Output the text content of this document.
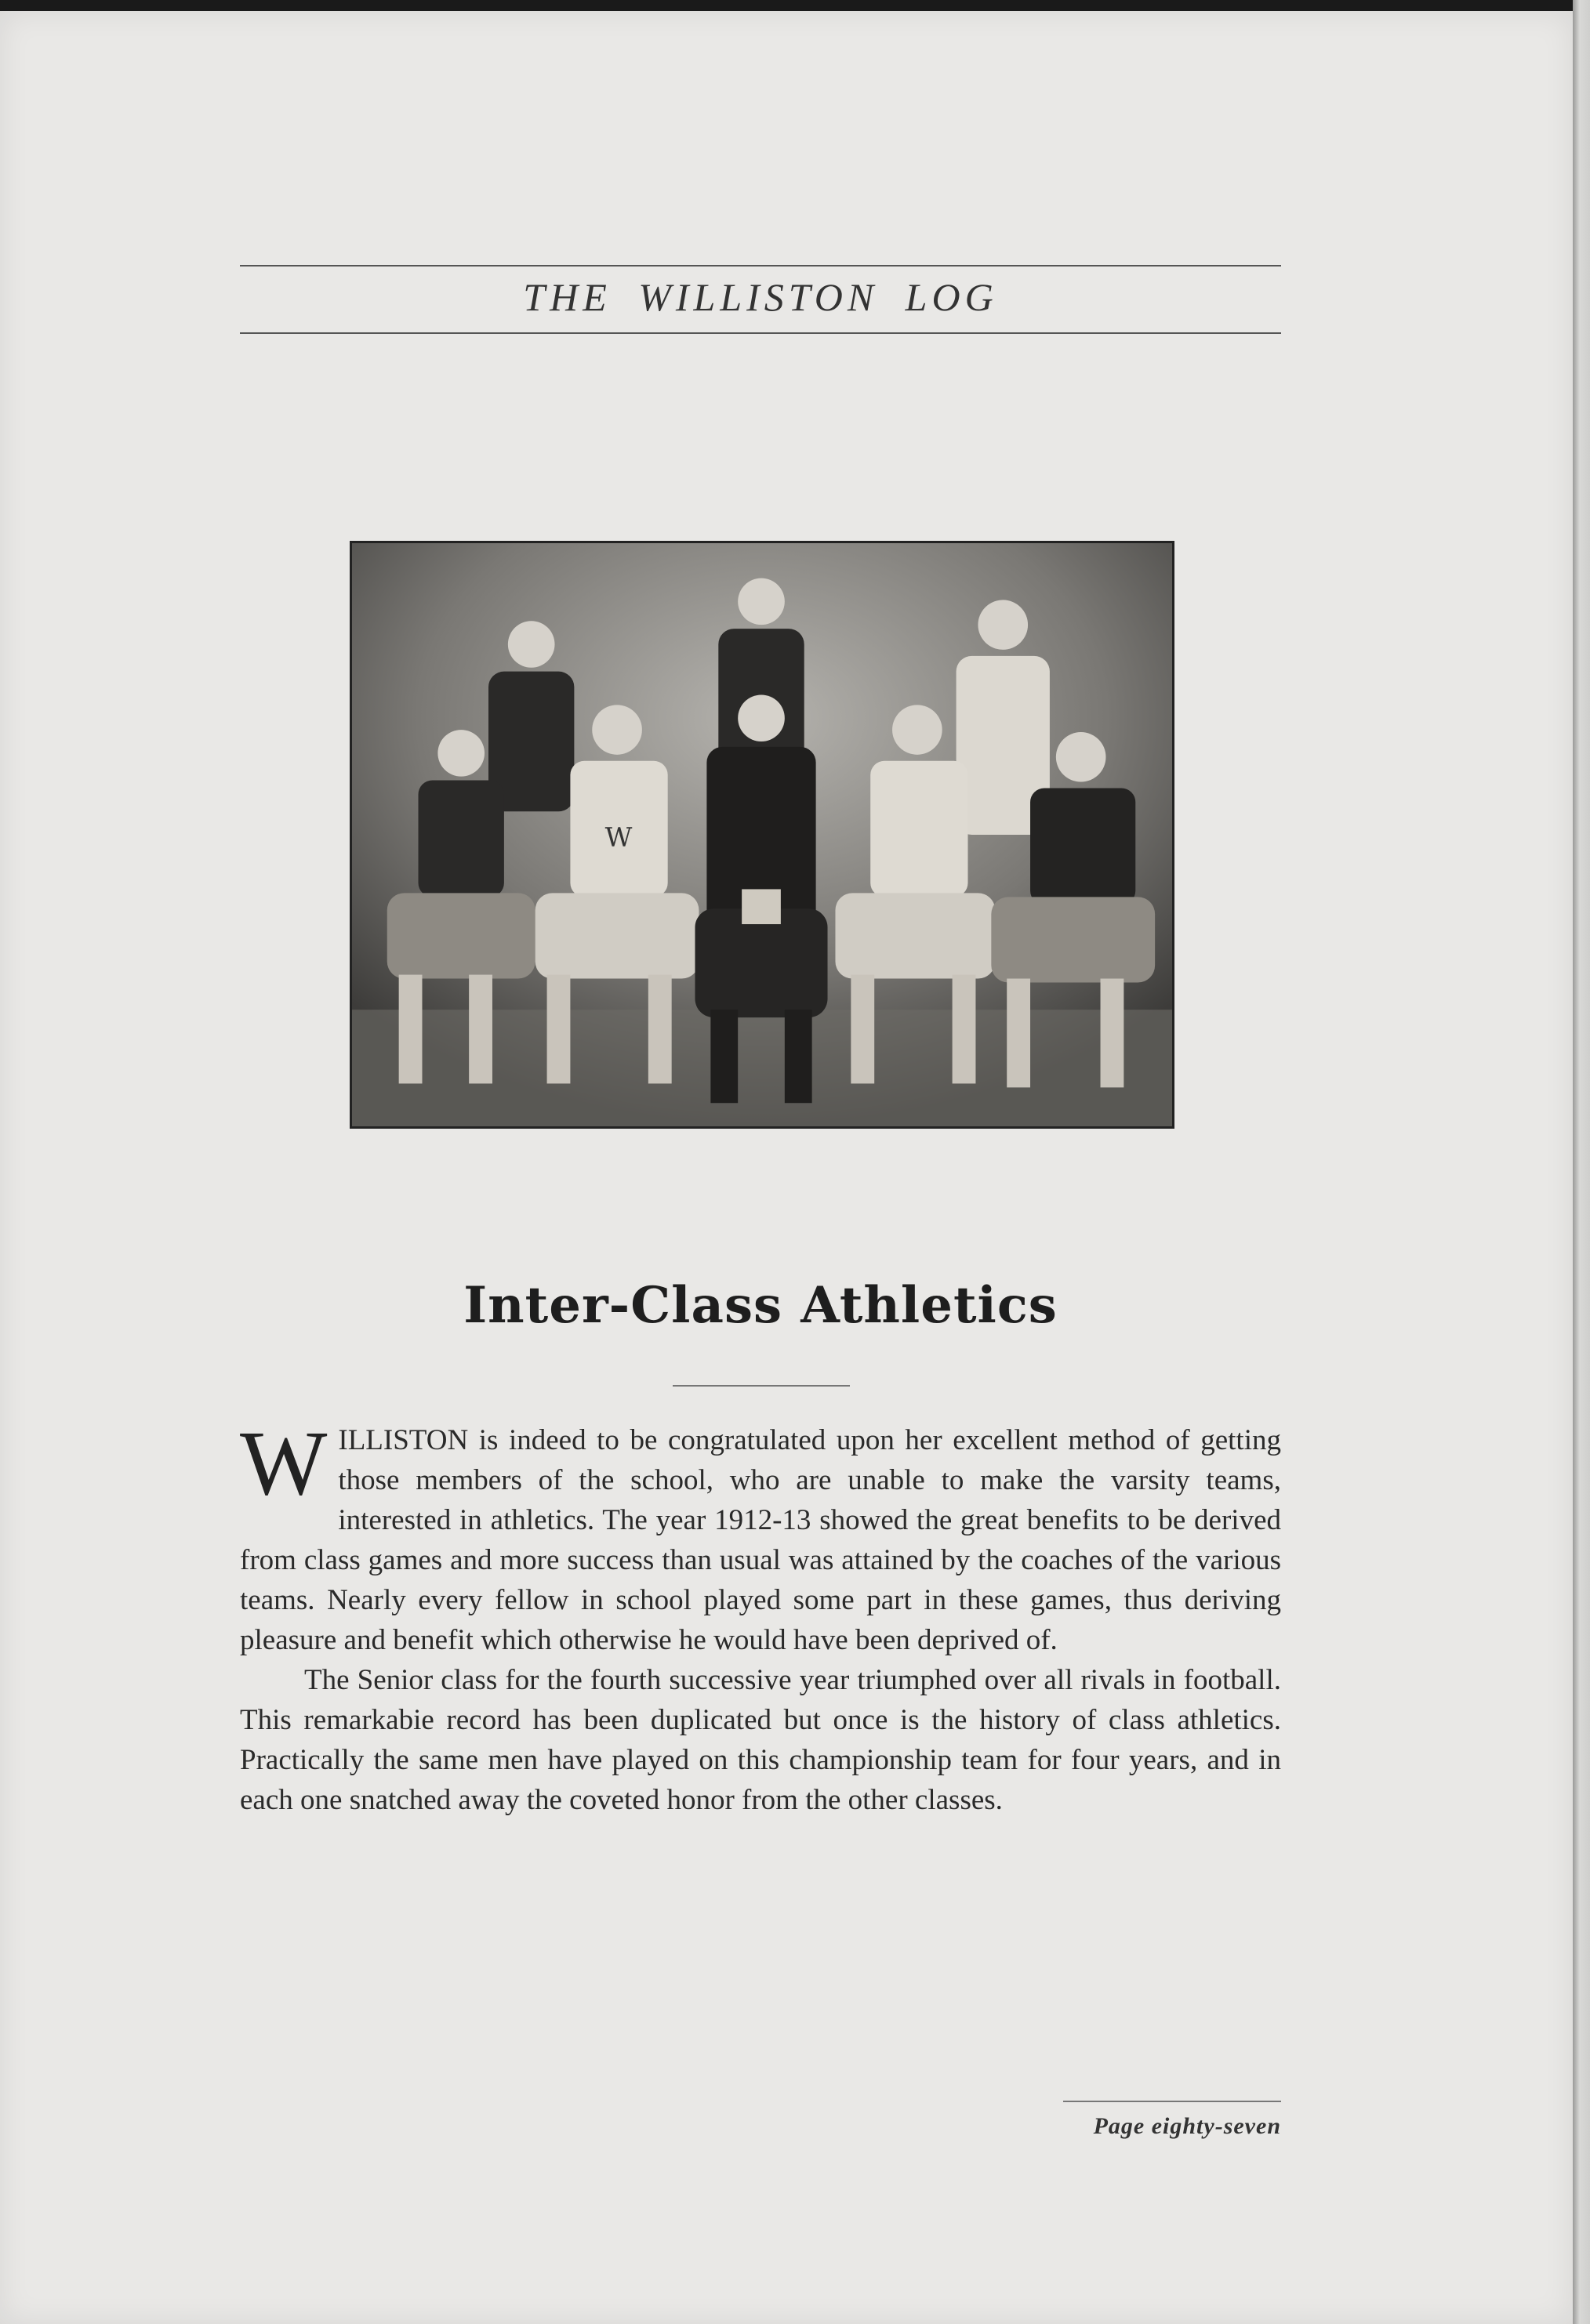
THE WILLISTON LOG
W
Inter-Class Athletics

WILLISTON is indeed to be congratulated upon her excellent method of getting those members of the school, who are unable to make the varsity teams, interested in athletics. The year 1912-13 showed the great benefits to be derived from class games and more success than usual was attained by the coaches of the various teams. Nearly every fellow in school played some part in these games, thus deriving pleasure and benefit which otherwise he would have been deprived of.

The Senior class for the fourth successive year triumphed over all rivals in football. This remarkabie record has been duplicated but once is the history of class athletics. Practically the same men have played on this championship team for four years, and in each one snatched away the coveted honor from the other classes.

Page eighty-seven
